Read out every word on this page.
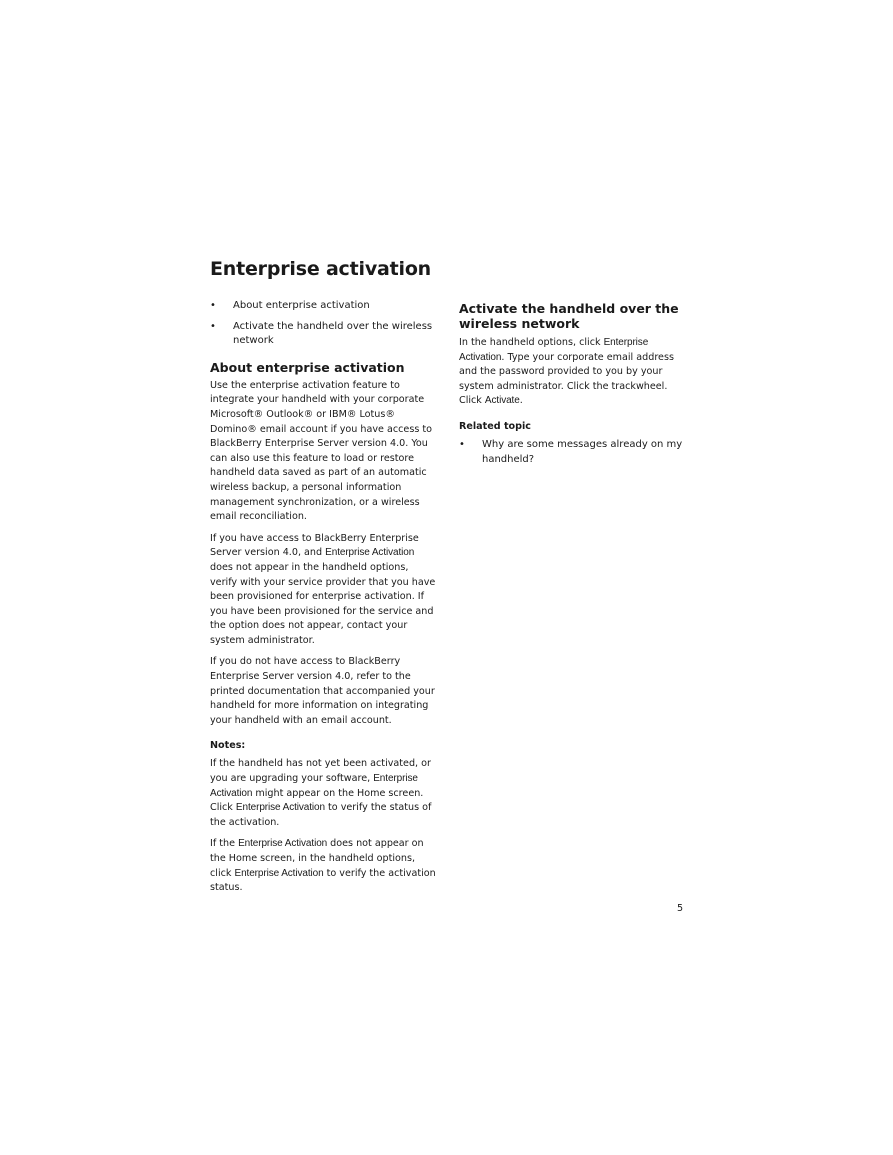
Enterprise activation
• About enterprise activation
• Activate the handheld over the wireless network
About enterprise activation

Use the enterprise activation feature to integrate your handheld with your corporate Microsoft® Outlook® or IBM® Lotus® Domino® email account if you have access to BlackBerry Enterprise Server version 4.0. You can also use this feature to load or restore handheld data saved as part of an automatic wireless backup, a personal information management synchronization, or a wireless email reconciliation.

If you have access to BlackBerry Enterprise Server version 4.0, and Enterprise Activation does not appear in the handheld options, verify with your service provider that you have been provisioned for enterprise activation. If you have been provisioned for the service and the option does not appear, contact your system administrator.

If you do not have access to BlackBerry Enterprise Server version 4.0, refer to the printed documentation that accompanied your handheld for more information on integrating your handheld with an email account.

Notes:

If the handheld has not yet been activated, or you are upgrading your software, Enterprise Activation might appear on the Home screen. Click Enterprise Activation to verify the status of the activation.

If the Enterprise Activation does not appear on the Home screen, in the handheld options, click Enterprise Activation to verify the activation status.

Activate the handheld over the wireless network

In the handheld options, click Enterprise Activation. Type your corporate email address and the password provided to you by your system administrator. Click the trackwheel. Click Activate.

Related topic
• Why are some messages already on my handheld?
5
